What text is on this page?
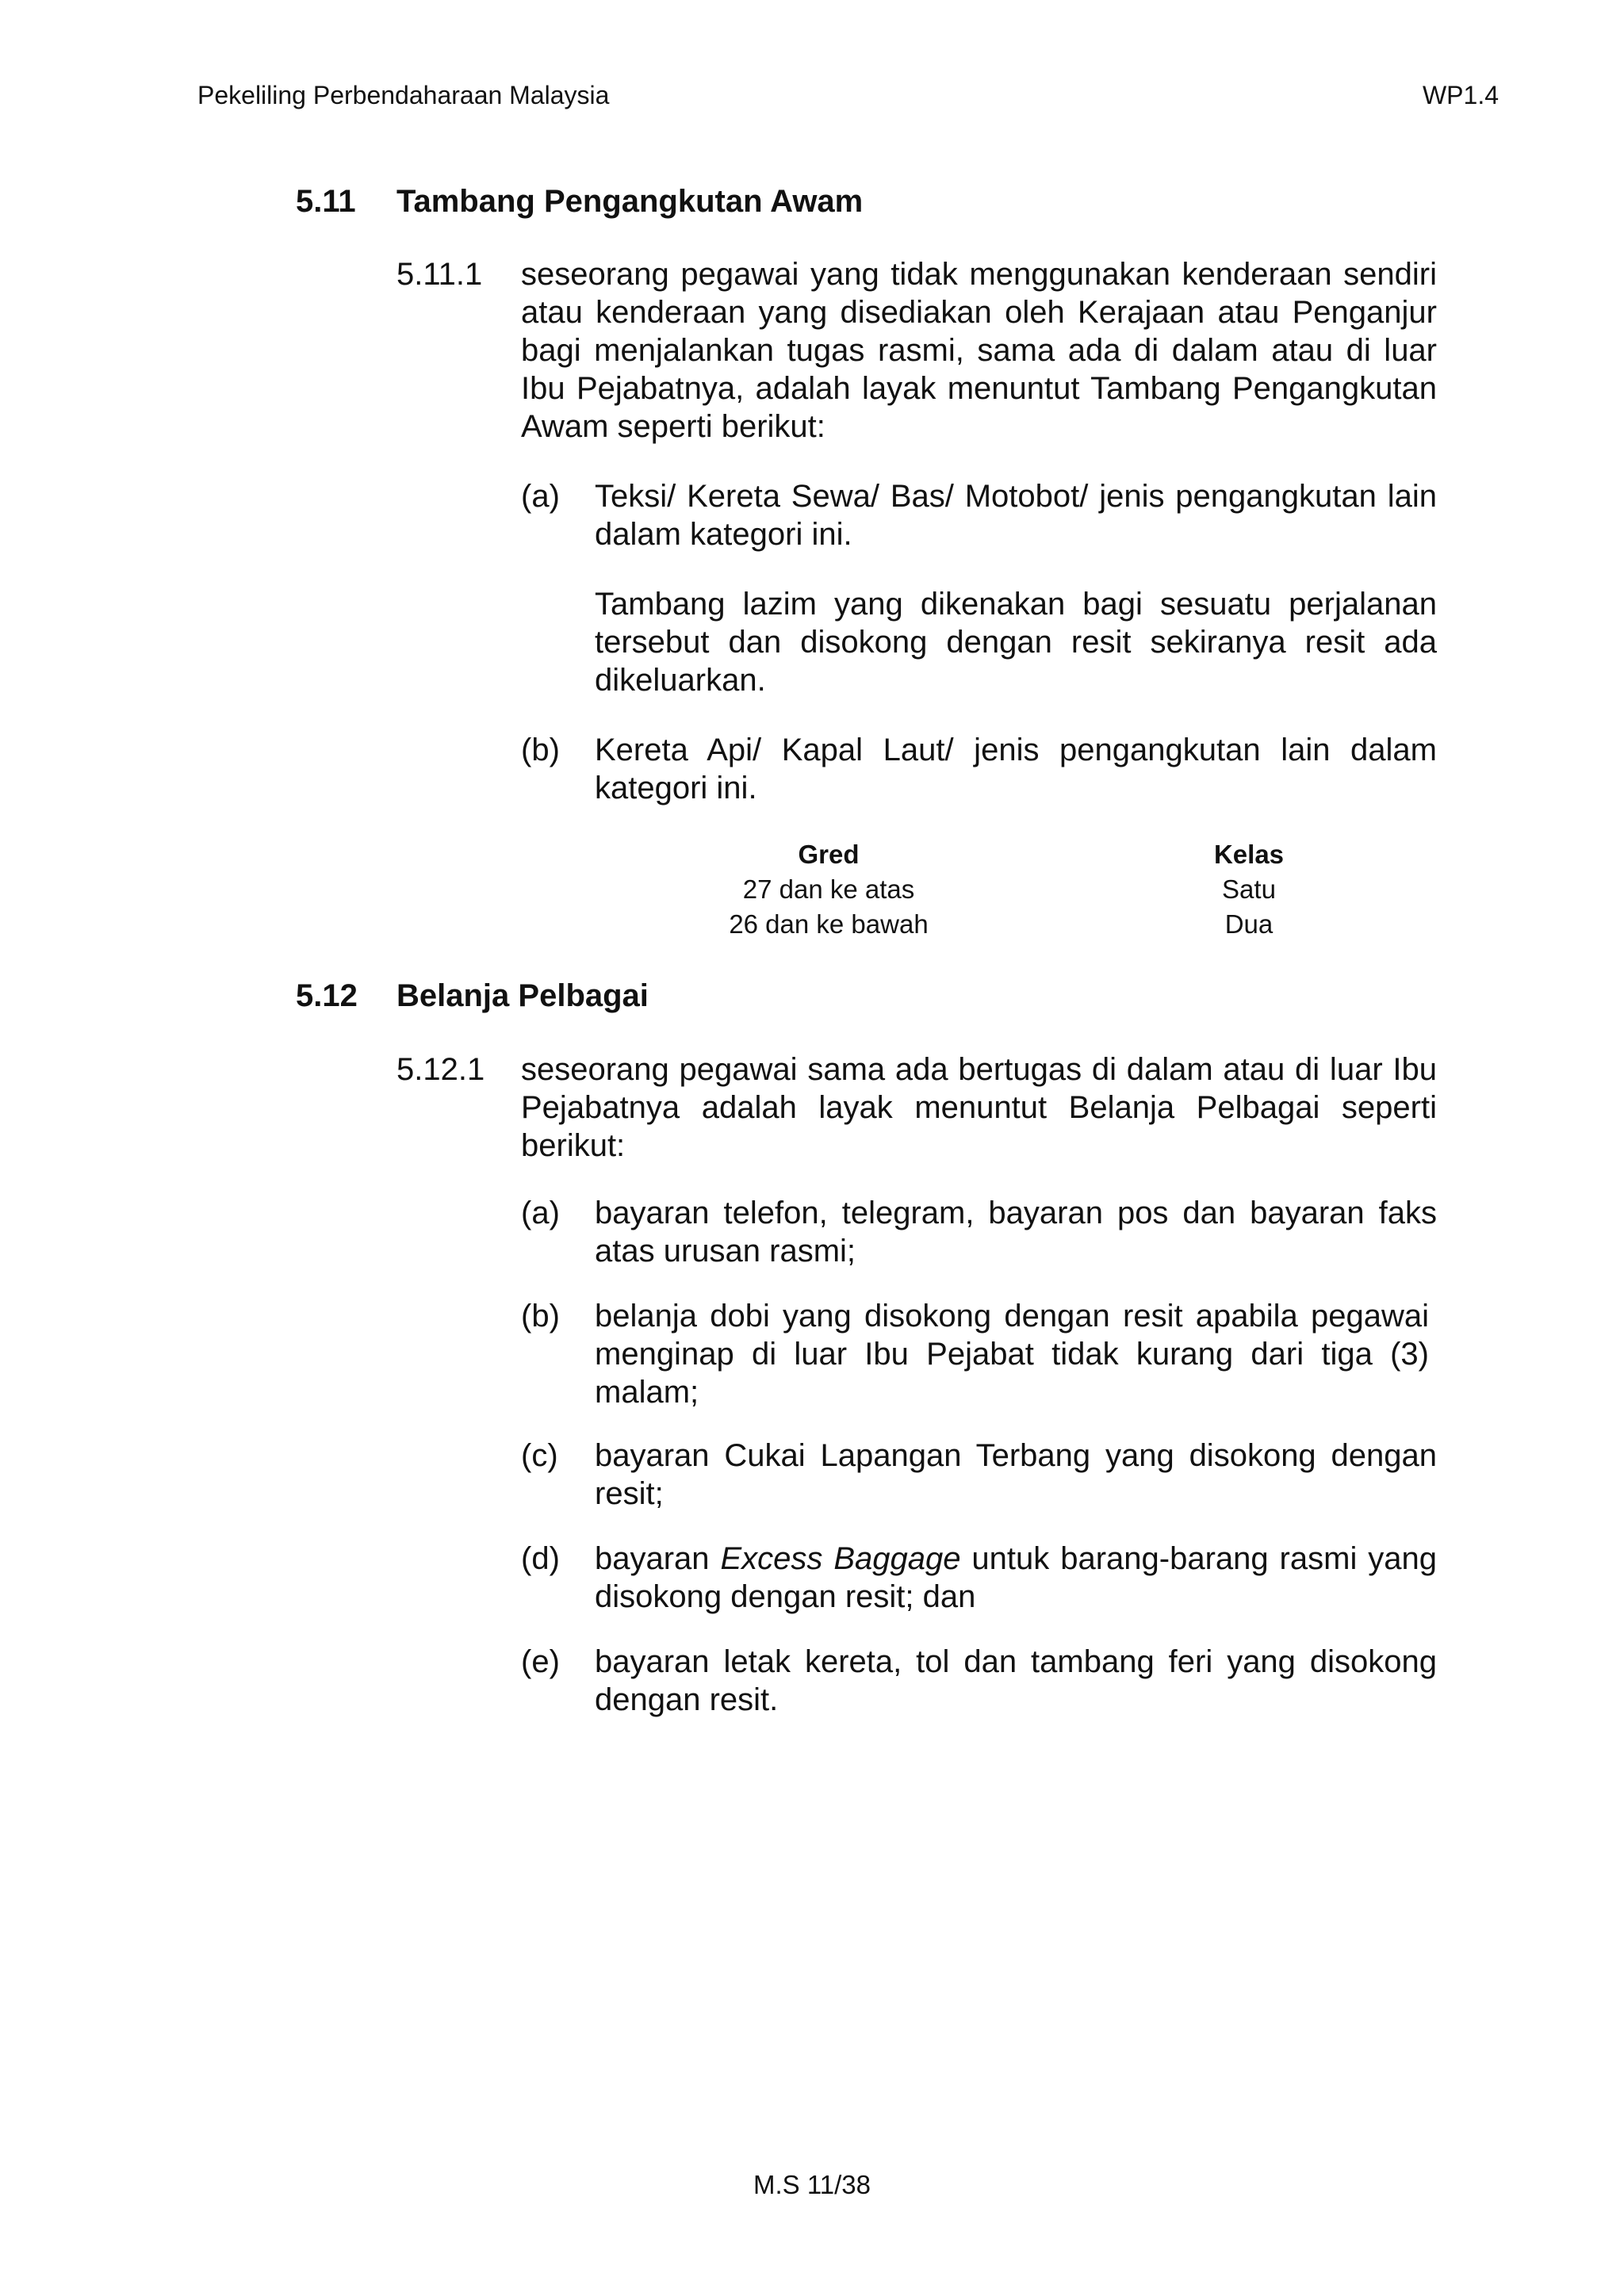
Pekeliling Perbendaharaan Malaysia	WP1.4
5.11 Tambang Pengangkutan Awam
5.11.1 seseorang pegawai yang tidak menggunakan kenderaan sendiri atau kenderaan yang disediakan oleh Kerajaan atau Penganjur bagi menjalankan tugas rasmi, sama ada di dalam atau di luar Ibu Pejabatnya, adalah layak menuntut Tambang Pengangkutan Awam seperti berikut:

(a) Teksi/ Kereta Sewa/ Bas/ Motobot/ jenis pengangkutan lain dalam kategori ini.

Tambang lazim yang dikenakan bagi sesuatu perjalanan tersebut dan disokong dengan resit sekiranya resit ada dikeluarkan.

(b) Kereta Api/ Kapal Laut/ jenis pengangkutan lain dalam kategori ini.

Gred	Kelas
27 dan ke atas	Satu
26 dan ke bawah	Dua
5.12 Belanja Pelbagai
5.12.1 seseorang pegawai sama ada bertugas di dalam atau di luar Ibu Pejabatnya adalah layak menuntut Belanja Pelbagai seperti berikut:

(a) bayaran telefon, telegram, bayaran pos dan bayaran faks atas urusan rasmi;

(b) belanja dobi yang disokong dengan resit apabila pegawai menginap di luar Ibu Pejabat tidak kurang dari tiga (3) malam;

(c) bayaran Cukai Lapangan Terbang yang disokong dengan resit;

(d) bayaran Excess Baggage untuk barang-barang rasmi yang disokong dengan resit; dan

(e) bayaran letak kereta, tol dan tambang feri yang disokong dengan resit.

M.S 11/38
